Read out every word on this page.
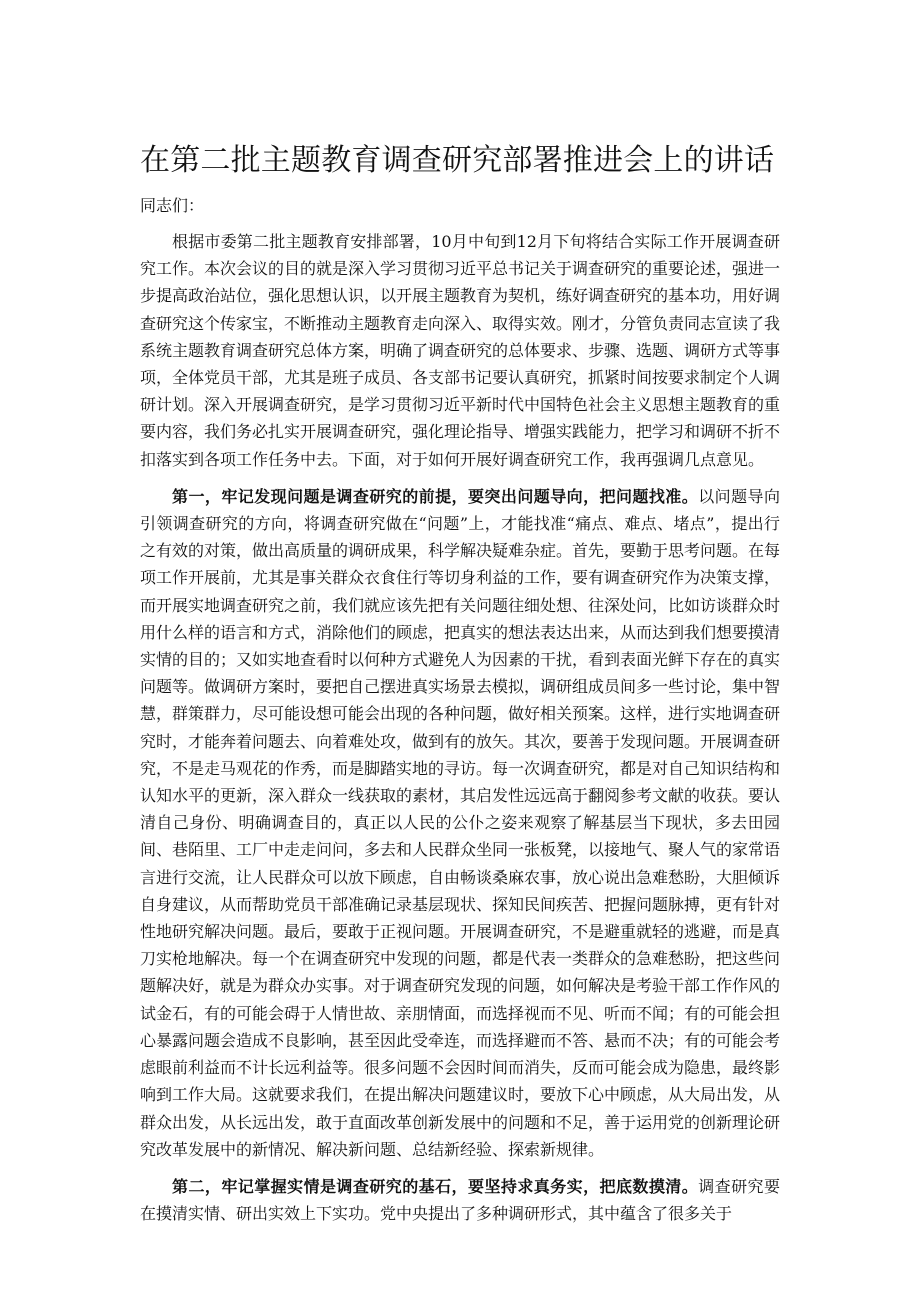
在第二批主题教育调查研究部署推进会上的讲话

同志们：

根据市委第二批主题教育安排部署，10月中旬到12月下旬将结合实际工作开展调查研究工作。本次会议的目的就是深入学习贯彻习近平总书记关于调查研究的重要论述，强进一步提高政治站位，强化思想认识，以开展主题教育为契机，练好调查研究的基本功，用好调查研究这个传家宝，不断推动主题教育走向深入、取得实效。刚才，分管负责同志宣读了我系统主题教育调查研究总体方案，明确了调查研究的总体要求、步骤、选题、调研方式等事项，全体党员干部，尤其是班子成员、各支部书记要认真研究，抓紧时间按要求制定个人调研计划。深入开展调查研究，是学习贯彻习近平新时代中国特色社会主义思想主题教育的重要内容，我们务必扎实开展调查研究，强化理论指导、增强实践能力，把学习和调研不折不扣落实到各项工作任务中去。下面，对于如何开展好调查研究工作，我再强调几点意见。

第一，牢记发现问题是调查研究的前提，要突出问题导向，把问题找准。以问题导向引领调查研究的方向，将调查研究做在“问题”上，才能找准“痛点、难点、堵点”，提出行之有效的对策，做出高质量的调研成果，科学解决疑难杂症。首先，要勤于思考问题。在每项工作开展前，尤其是事关群众衣食住行等切身利益的工作，要有调查研究作为决策支撑，而开展实地调查研究之前，我们就应该先把有关问题往细处想、往深处问，比如访谈群众时用什么样的语言和方式，消除他们的顾虑，把真实的想法表达出来，从而达到我们想要摸清实情的目的；又如实地查看时以何种方式避免人为因素的干扰，看到表面光鲜下存在的真实问题等。做调研方案时，要把自己摆进真实场景去模拟，调研组成员间多一些讨论，集中智慧，群策群力，尽可能设想可能会出现的各种问题，做好相关预案。这样，进行实地调查研究时，才能奔着问题去、向着难处攻，做到有的放矢。其次，要善于发现问题。开展调查研究，不是走马观花的作秀，而是脚踏实地的寻访。每一次调查研究，都是对自己知识结构和认知水平的更新，深入群众一线获取的素材，其启发性远远高于翻阅参考文献的收获。要认清自己身份、明确调查目的，真正以人民的公仆之姿来观察了解基层当下现状，多去田园间、巷陌里、工厂中走走问问，多去和人民群众坐同一张板凳，以接地气、聚人气的家常语言进行交流，让人民群众可以放下顾虑，自由畅谈桑麻农事，放心说出急难愁盼，大胆倾诉自身建议，从而帮助党员干部准确记录基层现状、探知民间疾苦、把握问题脉搏，更有针对性地研究解决问题。最后，要敢于正视问题。开展调查研究，不是避重就轻的逃避，而是真刀实枪地解决。每一个在调查研究中发现的问题，都是代表一类群众的急难愁盼，把这些问题解决好，就是为群众办实事。对于调查研究发现的问题，如何解决是考验干部工作作风的试金石，有的可能会碍于人情世故、亲朋情面，而选择视而不见、听而不闻；有的可能会担心暴露问题会造成不良影响，甚至因此受牵连，而选择避而不答、悬而不决；有的可能会考虑眼前利益而不计长远利益等。很多问题不会因时间而消失，反而可能会成为隐患，最终影响到工作大局。这就要求我们，在提出解决问题建议时，要放下心中顾虑，从大局出发，从群众出发，从长远出发，敢于直面改革创新发展中的问题和不足，善于运用党的创新理论研究改革发展中的新情况、解决新问题、总结新经验、探索新规律。

第二，牢记掌握实情是调查研究的基石，要坚持求真务实，把底数摸清。调查研究要在摸清实情、研出实效上下实功。党中央提出了多种调研形式，其中蕴含了很多关于
